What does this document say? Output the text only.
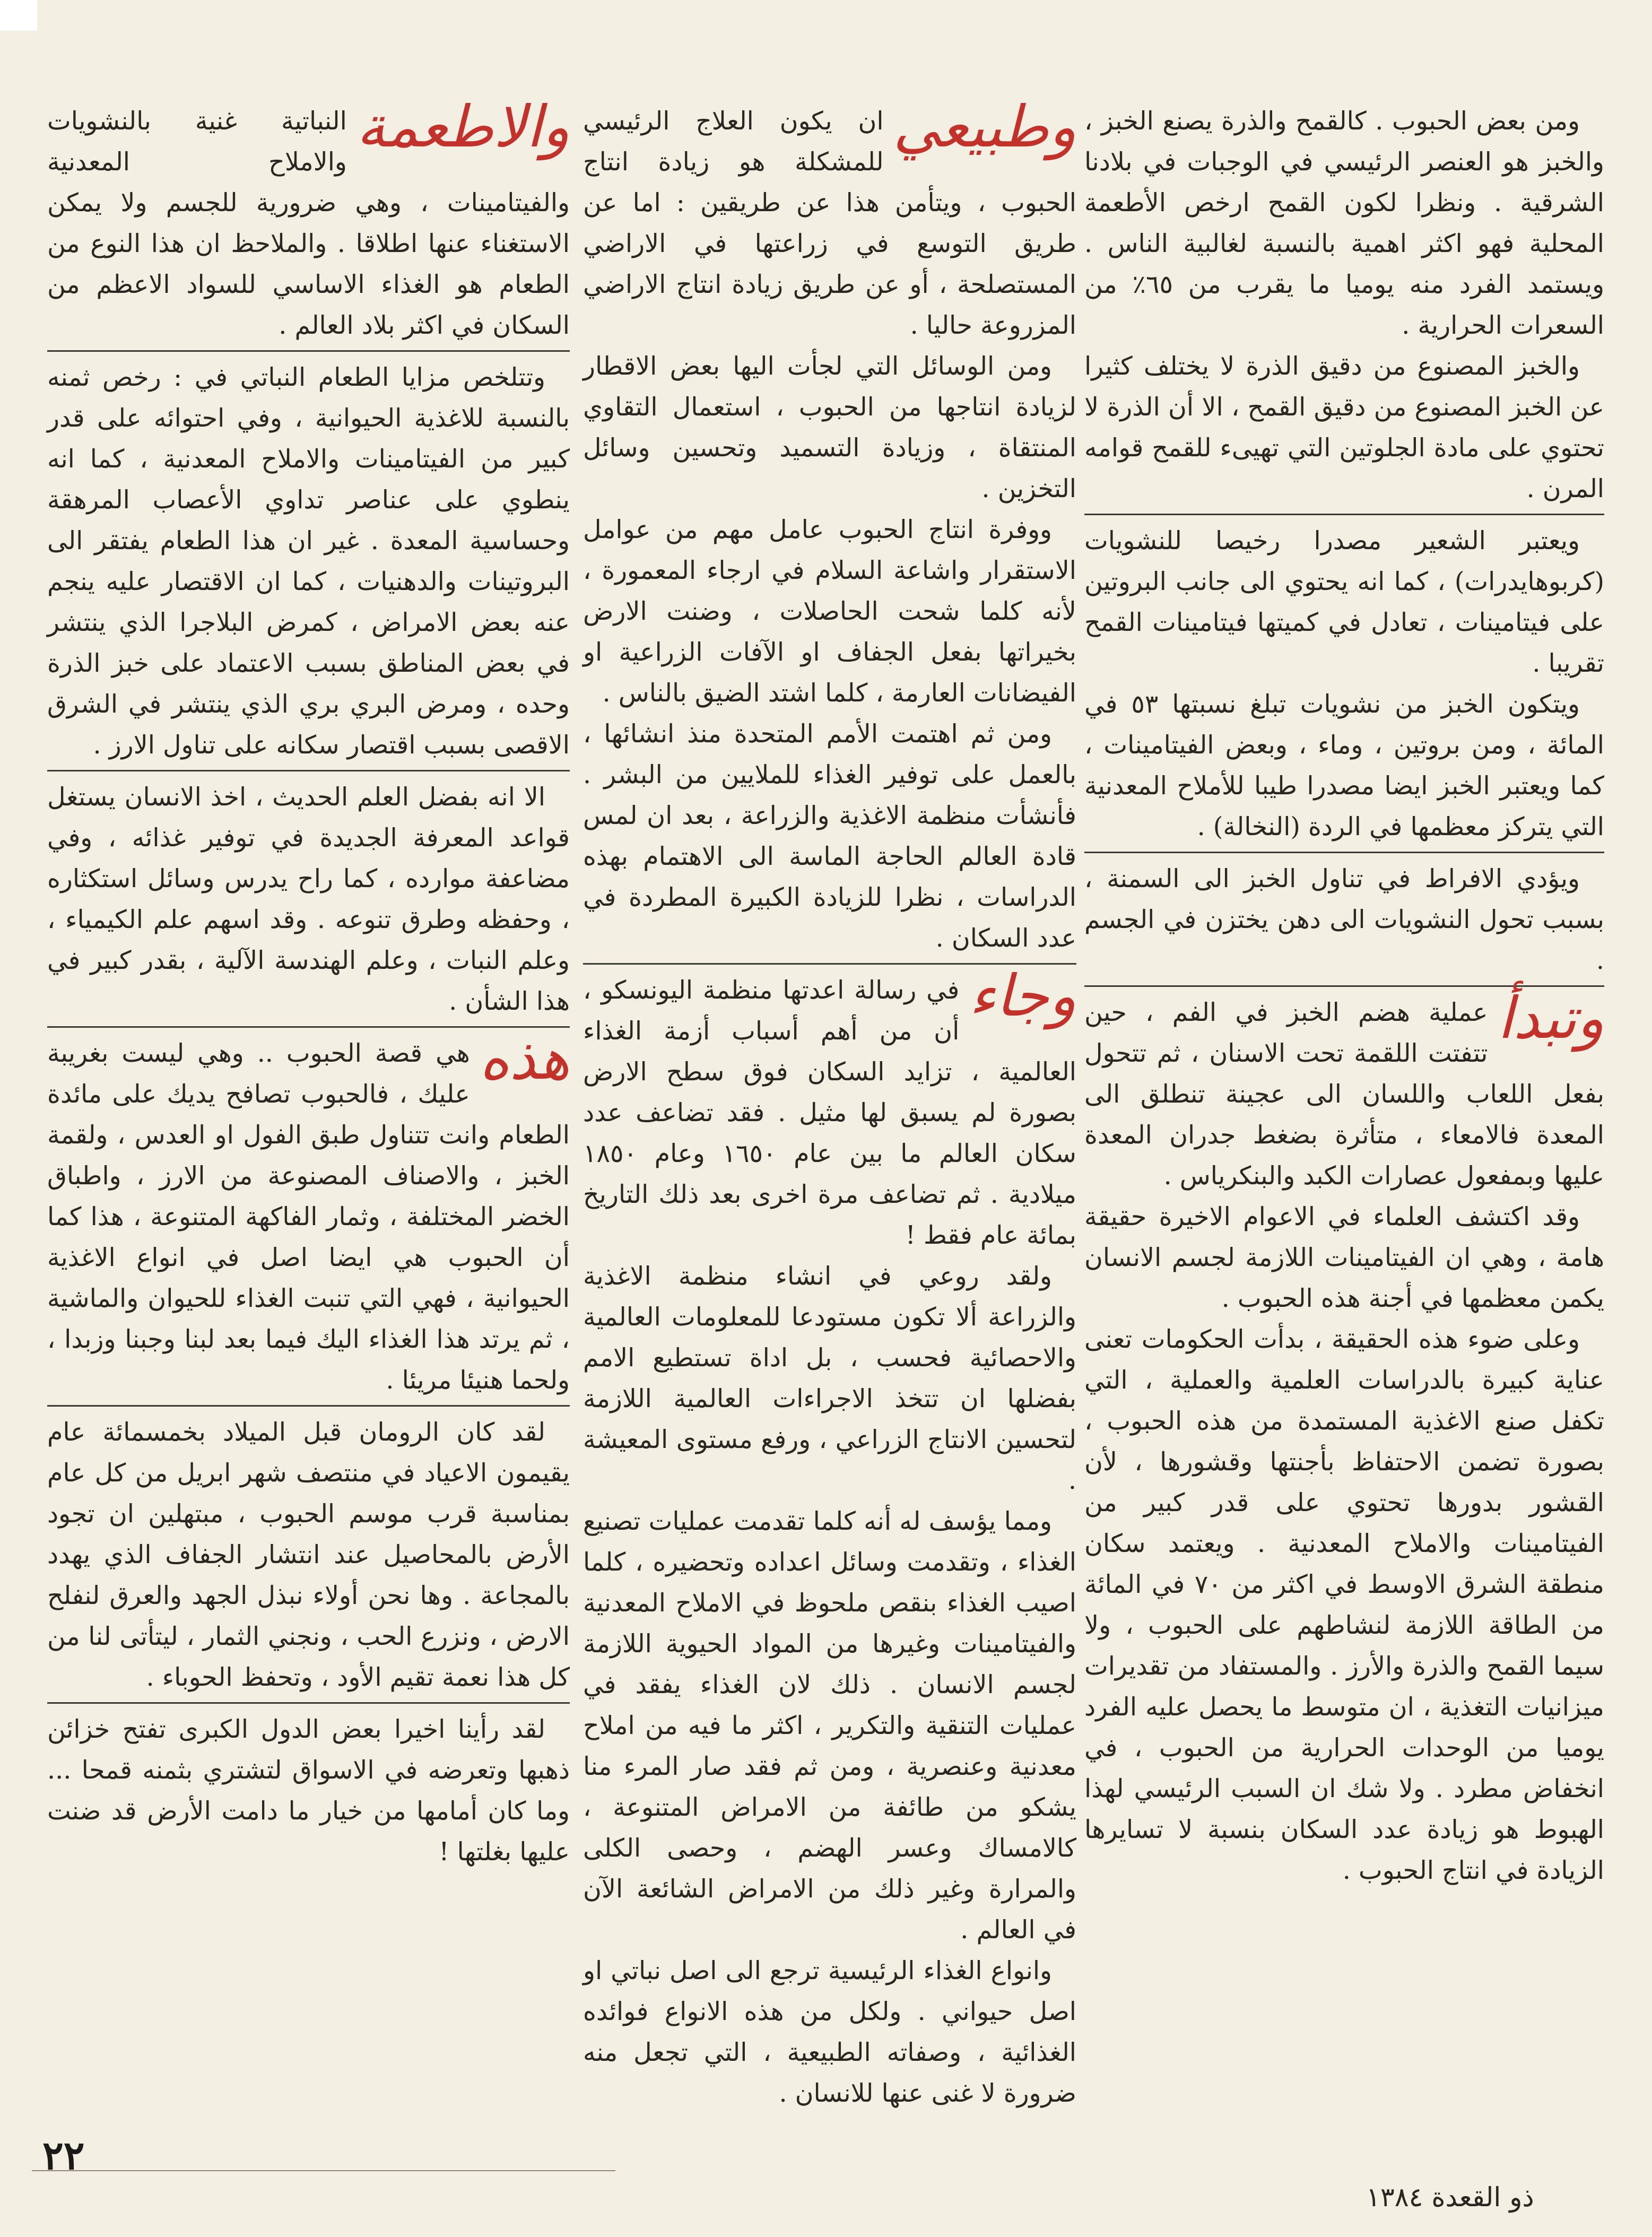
ومن بعض الحبوب . كالقمح والذرة يصنع الخبز ، والخبز هو العنصر الرئيسي في الوجبات في بلادنا الشرقية . ونظرا لكون القمح ارخص الأطعمة المحلية فهو اكثر اهمية بالنسبة لغالبية الناس . ويستمد الفرد منه يوميا ما يقرب من ٦٥٪ من السعرات الحرارية .

والخبز المصنوع من دقيق الذرة لا يختلف كثيرا عن الخبز المصنوع من دقيق القمح ، الا أن الذرة لا تحتوي على مادة الجلوتين التي تهيىء للقمح قوامه المرن .

ويعتبر الشعير مصدرا رخيصا للنشويات (كربوهايدرات) ، كما انه يحتوي الى جانب البروتين على فيتامينات ، تعادل في كميتها فيتامينات القمح تقريبا .

ويتكون الخبز من نشويات تبلغ نسبتها ٥٣ في المائة ، ومن بروتين ، وماء ، وبعض الفيتامينات ، كما ويعتبر الخبز ايضا مصدرا طيبا للأملاح المعدنية التي يتركز معظمها في الردة (النخالة) .

ويؤدي الافراط في تناول الخبز الى السمنة ، بسبب تحول النشويات الى دهن يختزن في الجسم .

وتبدأ

عملية هضم الخبز في الفم ، حين تتفتت اللقمة تحت الاسنان ، ثم تتحول بفعل اللعاب واللسان الى عجينة تنطلق الى المعدة فالامعاء ، متأثرة بضغط جدران المعدة عليها وبمفعول عصارات الكبد والبنكرياس .

وقد اكتشف العلماء في الاعوام الاخيرة حقيقة هامة ، وهي ان الفيتامينات اللازمة لجسم الانسان يكمن معظمها في أجنة هذه الحبوب .

وعلى ضوء هذه الحقيقة ، بدأت الحكومات تعنى عناية كبيرة بالدراسات العلمية والعملية ، التي تكفل صنع الاغذية المستمدة من هذه الحبوب ، بصورة تضمن الاحتفاظ بأجنتها وقشورها ، لأن القشور بدورها تحتوي على قدر كبير من الفيتامينات والاملاح المعدنية . ويعتمد سكان منطقة الشرق الاوسط في اكثر من ٧٠ في المائة من الطاقة اللازمة لنشاطهم على الحبوب ، ولا سيما القمح والذرة والأرز . والمستفاد من تقديرات ميزانيات التغذية ، ان متوسط ما يحصل عليه الفرد يوميا من الوحدات الحرارية من الحبوب ، في انخفاض مطرد . ولا شك ان السبب الرئيسي لهذا الهبوط هو زيادة عدد السكان بنسبة لا تسايرها الزيادة في انتاج الحبوب .

وطبيعي

ان يكون العلاج الرئيسي للمشكلة هو زيادة انتاج الحبوب ، ويتأمن هذا عن طريقين : اما عن طريق التوسع في زراعتها في الاراضي المستصلحة ، أو عن طريق زيادة انتاج الاراضي المزروعة حاليا .

ومن الوسائل التي لجأت اليها بعض الاقطار لزيادة انتاجها من الحبوب ، استعمال التقاوي المنتقاة ، وزيادة التسميد وتحسين وسائل التخزين .

ووفرة انتاج الحبوب عامل مهم من عوامل الاستقرار واشاعة السلام في ارجاء المعمورة ، لأنه كلما شحت الحاصلات ، وضنت الارض بخيراتها بفعل الجفاف او الآفات الزراعية او الفيضانات العارمة ، كلما اشتد الضيق بالناس .

ومن ثم اهتمت الأمم المتحدة منذ انشائها ، بالعمل على توفير الغذاء للملايين من البشر . فأنشأت منظمة الاغذية والزراعة ، بعد ان لمس قادة العالم الحاجة الماسة الى الاهتمام بهذه الدراسات ، نظرا للزيادة الكبيرة المطردة في عدد السكان .

وجاء

في رسالة اعدتها منظمة اليونسكو ، أن من أهم أسباب أزمة الغذاء العالمية ، تزايد السكان فوق سطح الارض بصورة لم يسبق لها مثيل . فقد تضاعف عدد سكان العالم ما بين عام ١٦٥٠ وعام ١٨٥٠ ميلادية . ثم تضاعف مرة اخرى بعد ذلك التاريخ بمائة عام فقط !

ولقد روعي في انشاء منظمة الاغذية والزراعة ألا تكون مستودعا للمعلومات العالمية والاحصائية فحسب ، بل اداة تستطيع الامم بفضلها ان تتخذ الاجراءات العالمية اللازمة لتحسين الانتاج الزراعي ، ورفع مستوى المعيشة .

ومما يؤسف له أنه كلما تقدمت عمليات تصنيع الغذاء ، وتقدمت وسائل اعداده وتحضيره ، كلما اصيب الغذاء بنقص ملحوظ في الاملاح المعدنية والفيتامينات وغيرها من المواد الحيوية اللازمة لجسم الانسان . ذلك لان الغذاء يفقد في عمليات التنقية والتكرير ، اكثر ما فيه من املاح معدنية وعنصرية ، ومن ثم فقد صار المرء منا يشكو من طائفة من الامراض المتنوعة ، كالامساك وعسر الهضم ، وحصى الكلى والمرارة وغير ذلك من الامراض الشائعة الآن في العالم .

وانواع الغذاء الرئيسية ترجع الى اصل نباتي او اصل حيواني . ولكل من هذه الانواع فوائده الغذائية ، وصفاته الطبيعية ، التي تجعل منه ضرورة لا غنى عنها للانسان .

والاطعمة

النباتية غنية بالنشويات والاملاح المعدنية والفيتامينات ، وهي ضرورية للجسم ولا يمكن الاستغناء عنها اطلاقا . والملاحظ ان هذا النوع من الطعام هو الغذاء الاساسي للسواد الاعظم من السكان في اكثر بلاد العالم .

وتتلخص مزايا الطعام النباتي في : رخص ثمنه بالنسبة للاغذية الحيوانية ، وفي احتوائه على قدر كبير من الفيتامينات والاملاح المعدنية ، كما انه ينطوي على عناصر تداوي الأعصاب المرهقة وحساسية المعدة . غير ان هذا الطعام يفتقر الى البروتينات والدهنيات ، كما ان الاقتصار عليه ينجم عنه بعض الامراض ، كمرض البلاجرا الذي ينتشر في بعض المناطق بسبب الاعتماد على خبز الذرة وحده ، ومرض البري بري الذي ينتشر في الشرق الاقصى بسبب اقتصار سكانه على تناول الارز .

الا انه بفضل العلم الحديث ، اخذ الانسان يستغل قواعد المعرفة الجديدة في توفير غذائه ، وفي مضاعفة موارده ، كما راح يدرس وسائل استكثاره ، وحفظه وطرق تنوعه . وقد اسهم علم الكيمياء ، وعلم النبات ، وعلم الهندسة الآلية ، بقدر كبير في هذا الشأن .

هذه

هي قصة الحبوب .. وهي ليست بغريبة عليك ، فالحبوب تصافح يديك على مائدة الطعام وانت تتناول طبق الفول او العدس ، ولقمة الخبز ، والاصناف المصنوعة من الارز ، واطباق الخضر المختلفة ، وثمار الفاكهة المتنوعة ، هذا كما أن الحبوب هي ايضا اصل في انواع الاغذية الحيوانية ، فهي التي تنبت الغذاء للحيوان والماشية ، ثم يرتد هذا الغذاء اليك فيما بعد لبنا وجبنا وزبدا ، ولحما هنيئا مريئا .

لقد كان الرومان قبل الميلاد بخمسمائة عام يقيمون الاعياد في منتصف شهر ابريل من كل عام بمناسبة قرب موسم الحبوب ، مبتهلين ان تجود الأرض بالمحاصيل عند انتشار الجفاف الذي يهدد بالمجاعة . وها نحن أولاء نبذل الجهد والعرق لنفلح الارض ، ونزرع الحب ، ونجني الثمار ، ليتأتى لنا من كل هذا نعمة تقيم الأود ، وتحفظ الحوباء .

لقد رأينا اخيرا بعض الدول الكبرى تفتح خزائن ذهبها وتعرضه في الاسواق لتشتري بثمنه قمحا ... وما كان أمامها من خيار ما دامت الأرض قد ضنت عليها بغلتها !

٢٢
ذو القعدة ١٣٨٤
